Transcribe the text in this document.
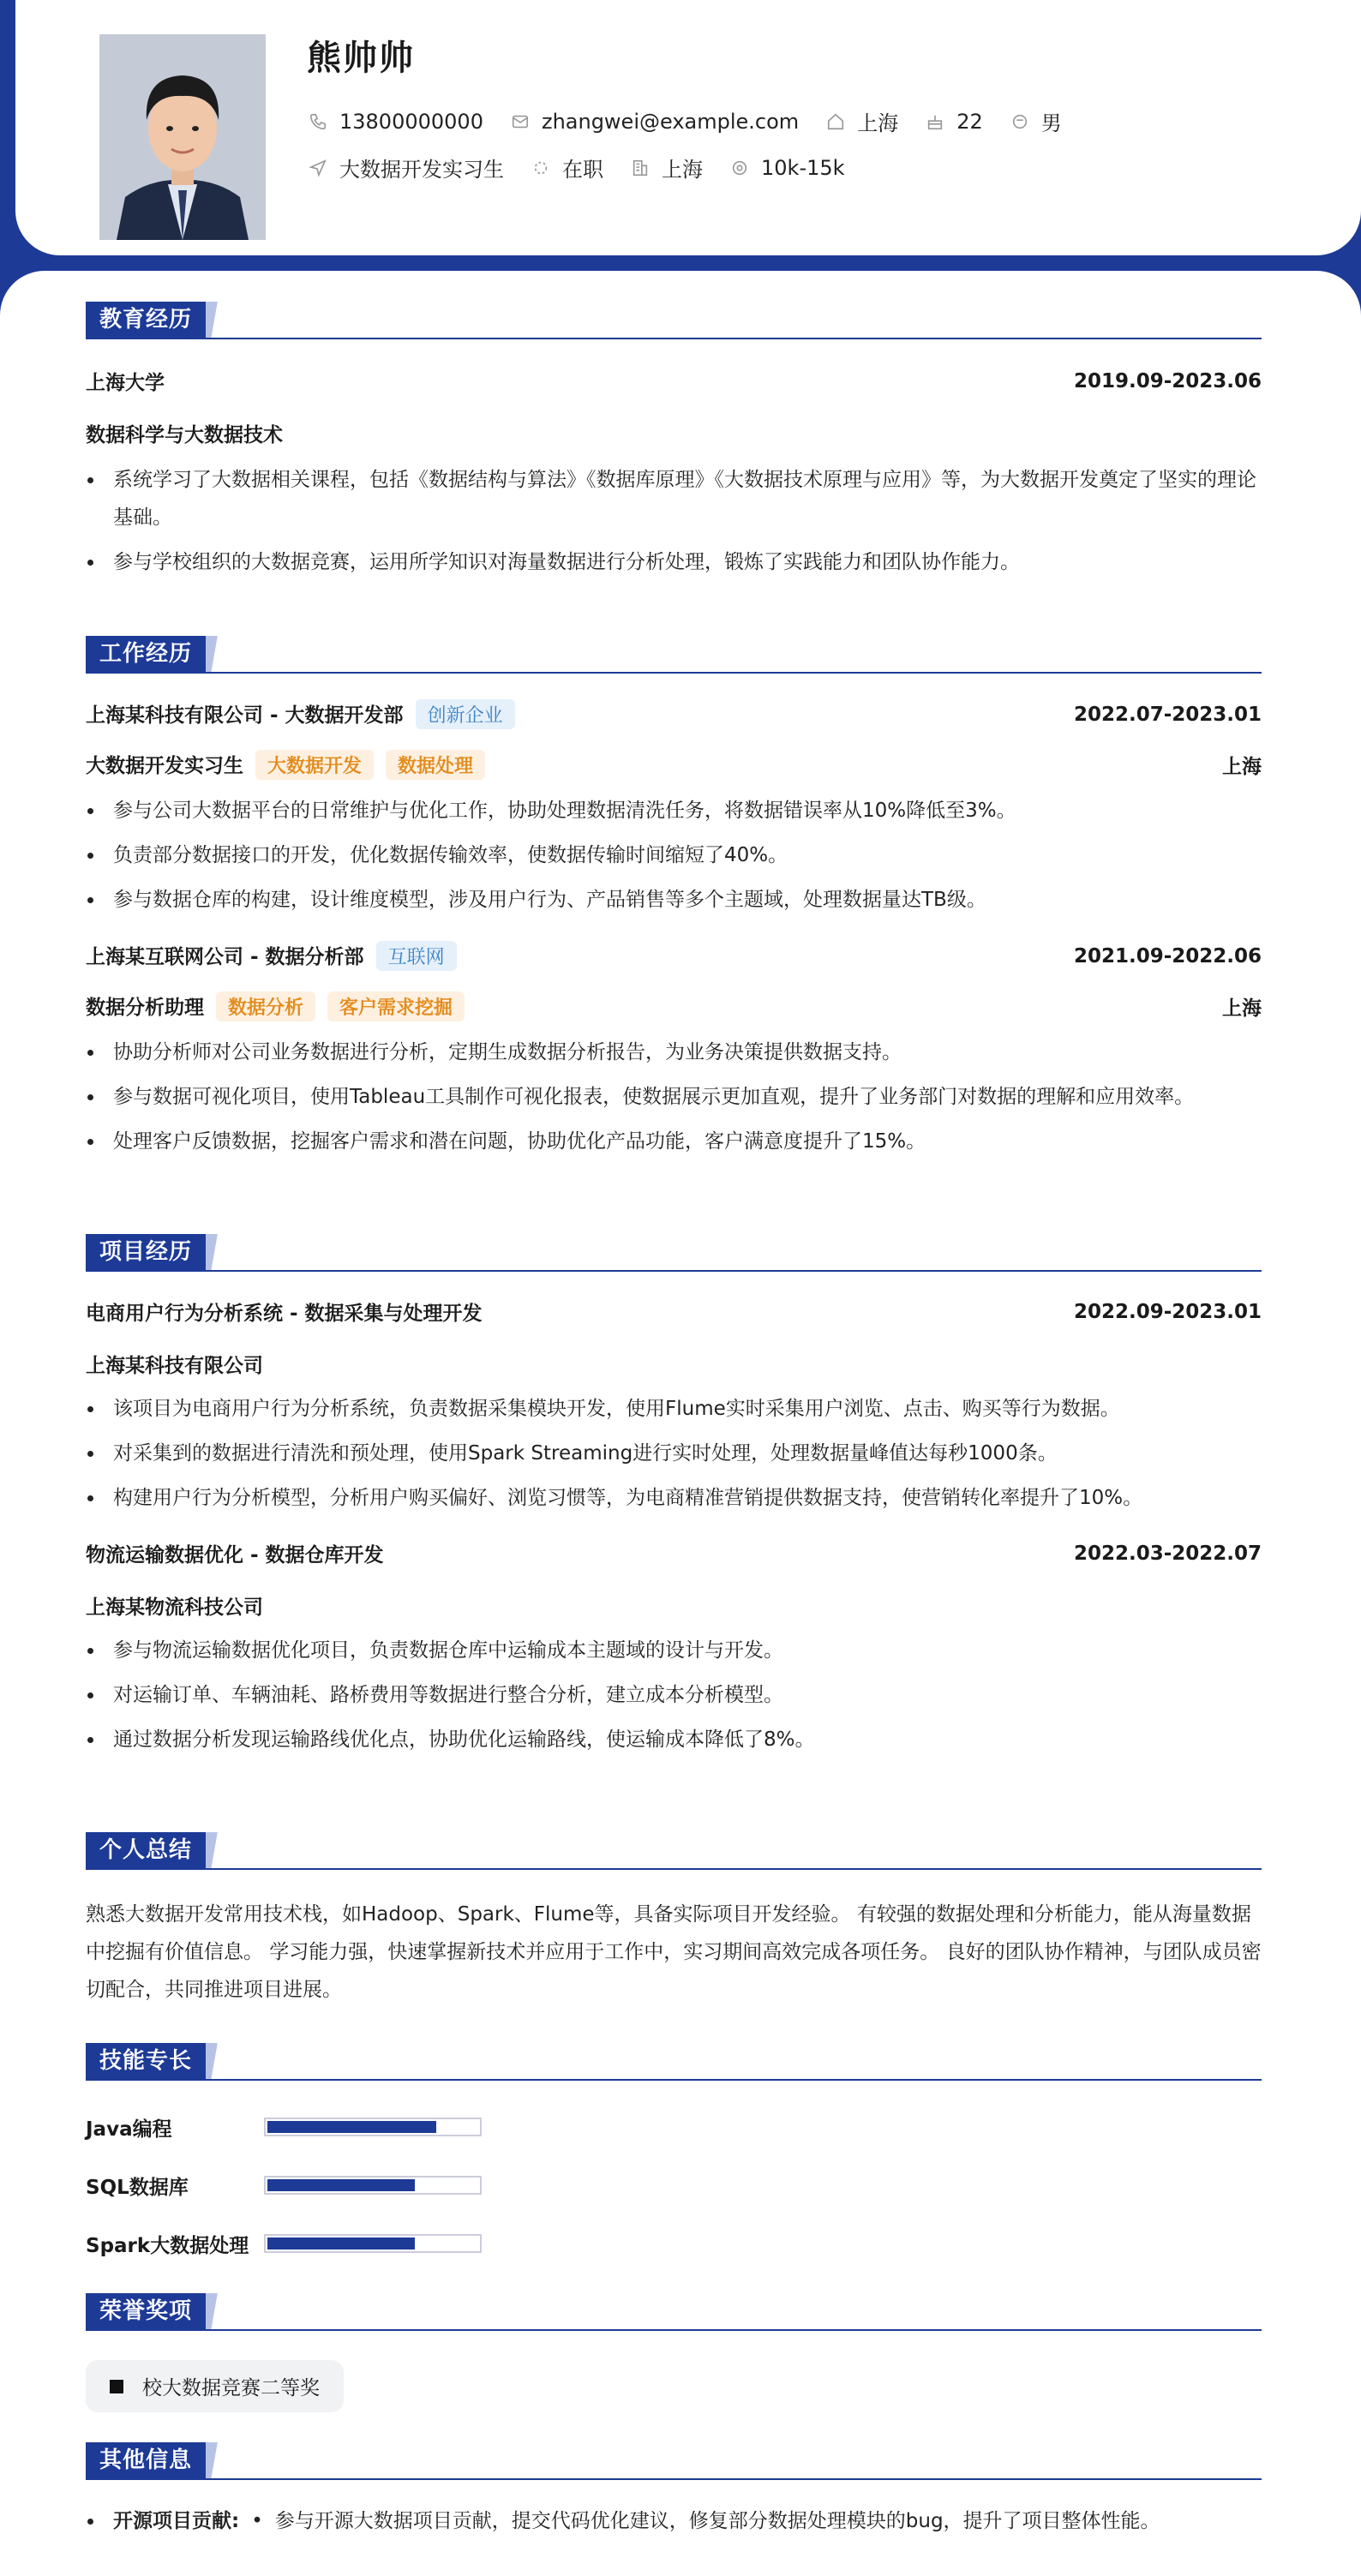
熊帅帅
13800000000	zhangwei@example.com	上海	22	男
大数据开发实习生	在职	上海	10k-15k
教育经历
上海大学	2019.09-2023.06
数据科学与大数据技术
系统学习了大数据相关课程，包括《数据结构与算法》《数据库原理》《大数据技术原理与应用》等，为大数据开发奠定了坚实的理论基础。
参与学校组织的大数据竞赛，运用所学知识对海量数据进行分析处理，锻炼了实践能力和团队协作能力。
工作经历
上海某科技有限公司 - 大数据开发部 创新企业	2022.07-2023.01
大数据开发实习生 大数据开发 数据处理	上海
参与公司大数据平台的日常维护与优化工作，协助处理数据清洗任务，将数据错误率从10%降低至3%。
负责部分数据接口的开发，优化数据传输效率，使数据传输时间缩短了40%。
参与数据仓库的构建，设计维度模型，涉及用户行为、产品销售等多个主题域，处理数据量达TB级。
上海某互联网公司 - 数据分析部 互联网	2021.09-2022.06
数据分析助理 数据分析 客户需求挖掘	上海
协助分析师对公司业务数据进行分析，定期生成数据分析报告，为业务决策提供数据支持。
参与数据可视化项目，使用Tableau工具制作可视化报表，使数据展示更加直观，提升了业务部门对数据的理解和应用效率。
处理客户反馈数据，挖掘客户需求和潜在问题，协助优化产品功能，客户满意度提升了15%。
项目经历
电商用户行为分析系统 - 数据采集与处理开发	2022.09-2023.01
上海某科技有限公司
该项目为电商用户行为分析系统，负责数据采集模块开发，使用Flume实时采集用户浏览、点击、购买等行为数据。
对采集到的数据进行清洗和预处理，使用Spark Streaming进行实时处理，处理数据量峰值达每秒1000条。
构建用户行为分析模型，分析用户购买偏好、浏览习惯等，为电商精准营销提供数据支持，使营销转化率提升了10%。
物流运输数据优化 - 数据仓库开发	2022.03-2022.07
上海某物流科技公司
参与物流运输数据优化项目，负责数据仓库中运输成本主题域的设计与开发。
对运输订单、车辆油耗、路桥费用等数据进行整合分析，建立成本分析模型。
通过数据分析发现运输路线优化点，协助优化运输路线，使运输成本降低了8%。
个人总结
熟悉大数据开发常用技术栈，如Hadoop、Spark、Flume等，具备实际项目开发经验。 有较强的数据处理和分析能力，能从海量数据中挖掘有价值信息。 学习能力强，快速掌握新技术并应用于工作中，实习期间高效完成各项任务。 良好的团队协作精神，与团队成员密切配合，共同推进项目进展。
技能专长
Java编程
SQL数据库
Spark大数据处理
荣誉奖项
校大数据竞赛二等奖
其他信息
开源项目贡献: • 参与开源大数据项目贡献，提交代码优化建议，修复部分数据处理模块的bug，提升了项目整体性能。
